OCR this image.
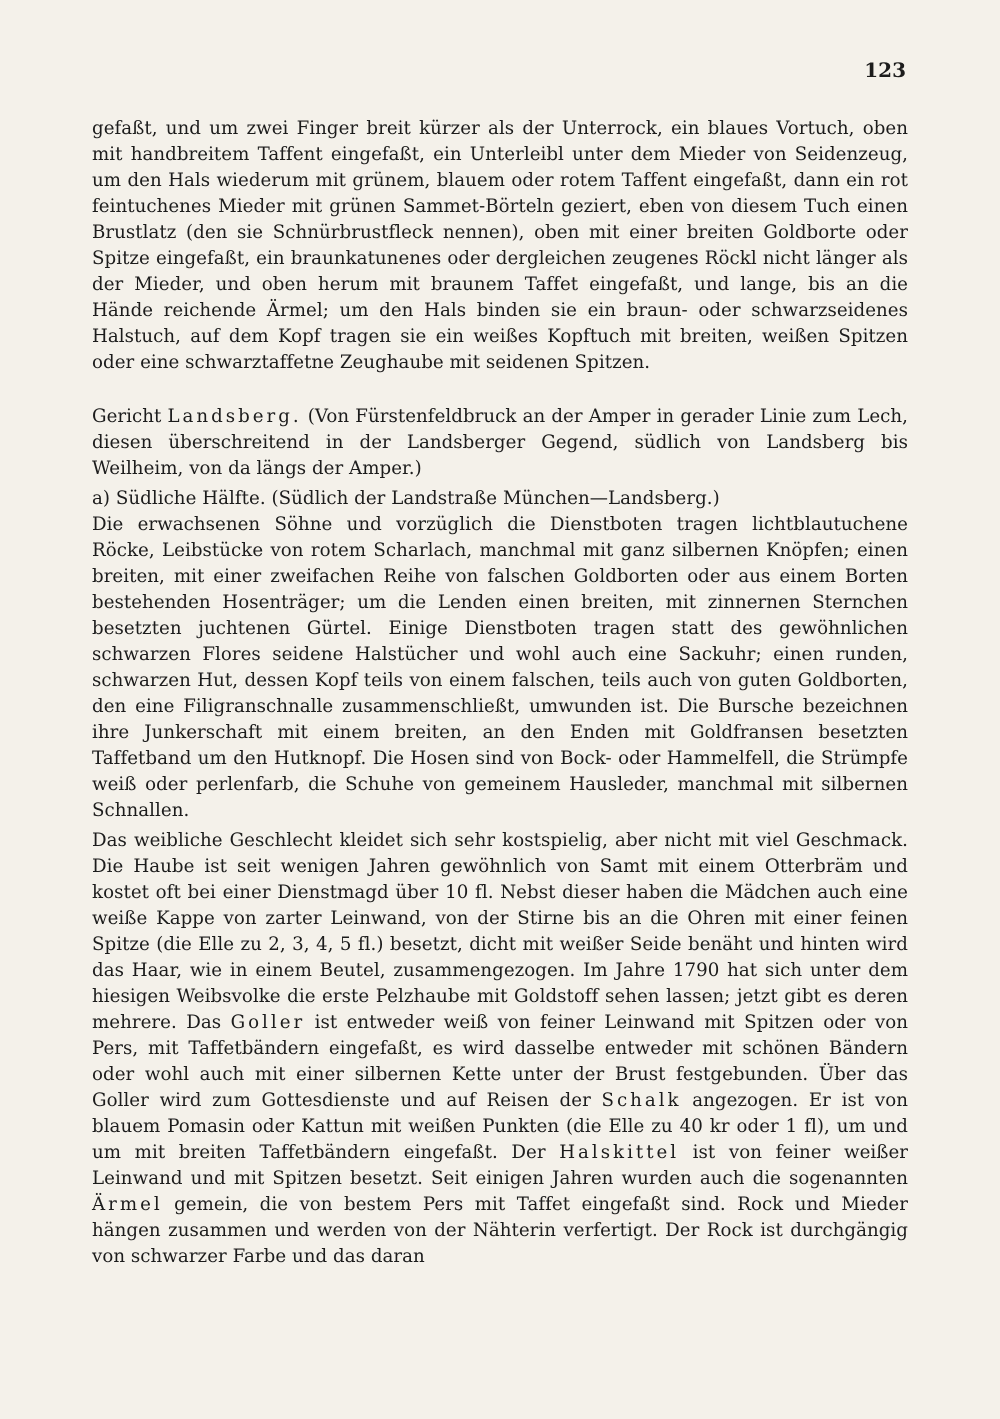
123

gefaßt, und um zwei Finger breit kürzer als der Unterrock, ein blaues Vortuch, oben mit handbreitem Taffent eingefaßt, ein Unterleibl unter dem Mieder von Seidenzeug, um den Hals wiederum mit grünem, blauem oder rotem Taffent eingefaßt, dann ein rot feintuchenes Mieder mit grünen Sammet-Börteln geziert, eben von diesem Tuch einen Brustlatz (den sie Schnürbrustfleck nennen), oben mit einer breiten Goldborte oder Spitze eingefaßt, ein braunkatunenes oder dergleichen zeugenes Röckl nicht länger als der Mieder, und oben herum mit braunem Taffet eingefaßt, und lange, bis an die Hände reichende Ärmel; um den Hals binden sie ein braun- oder schwarzseidenes Halstuch, auf dem Kopf tragen sie ein weißes Kopftuch mit breiten, weißen Spitzen oder eine schwarztaffetne Zeughaube mit seidenen Spitzen.

Gericht Landsberg. (Von Fürstenfeldbruck an der Amper in gerader Linie zum Lech, diesen überschreitend in der Landsberger Gegend, südlich von Landsberg bis Weilheim, von da längs der Amper.)

a) Südliche Hälfte. (Südlich der Landstraße München—Landsberg.)

Die erwachsenen Söhne und vorzüglich die Dienstboten tragen lichtblautuchene Röcke, Leibstücke von rotem Scharlach, manchmal mit ganz silbernen Knöpfen; einen breiten, mit einer zweifachen Reihe von falschen Goldborten oder aus einem Borten bestehenden Hosenträger; um die Lenden einen breiten, mit zinnernen Sternchen besetzten juchtenen Gürtel. Einige Dienstboten tragen statt des gewöhnlichen schwarzen Flores seidene Halstücher und wohl auch eine Sackuhr; einen runden, schwarzen Hut, dessen Kopf teils von einem falschen, teils auch von guten Goldborten, den eine Filigranschnalle zusammenschließt, umwunden ist. Die Bursche bezeichnen ihre Junkerschaft mit einem breiten, an den Enden mit Goldfransen besetzten Taffetband um den Hutknopf. Die Hosen sind von Bock- oder Hammelfell, die Strümpfe weiß oder perlenfarb, die Schuhe von gemeinem Hausleder, manchmal mit silbernen Schnallen.

Das weibliche Geschlecht kleidet sich sehr kostspielig, aber nicht mit viel Geschmack. Die Haube ist seit wenigen Jahren gewöhnlich von Samt mit einem Otterbräm und kostet oft bei einer Dienstmagd über 10 fl. Nebst dieser haben die Mädchen auch eine weiße Kappe von zarter Leinwand, von der Stirne bis an die Ohren mit einer feinen Spitze (die Elle zu 2, 3, 4, 5 fl.) besetzt, dicht mit weißer Seide benäht und hinten wird das Haar, wie in einem Beutel, zusammengezogen. Im Jahre 1790 hat sich unter dem hiesigen Weibsvolke die erste Pelzhaube mit Goldstoff sehen lassen; jetzt gibt es deren mehrere. Das Goller ist entweder weiß von feiner Leinwand mit Spitzen oder von Pers, mit Taffetbändern eingefaßt, es wird dasselbe entweder mit schönen Bändern oder wohl auch mit einer silbernen Kette unter der Brust festgebunden. Über das Goller wird zum Gottesdienste und auf Reisen der Schalk angezogen. Er ist von blauem Pomasin oder Kattun mit weißen Punkten (die Elle zu 40 kr oder 1 fl), um und um mit breiten Taffetbändern eingefaßt. Der Halskittel ist von feiner weißer Leinwand und mit Spitzen besetzt. Seit einigen Jahren wurden auch die sogenannten Ärmel gemein, die von bestem Pers mit Taffet eingefaßt sind. Rock und Mieder hängen zusammen und werden von der Nähterin verfertigt. Der Rock ist durchgängig von schwarzer Farbe und das daran
